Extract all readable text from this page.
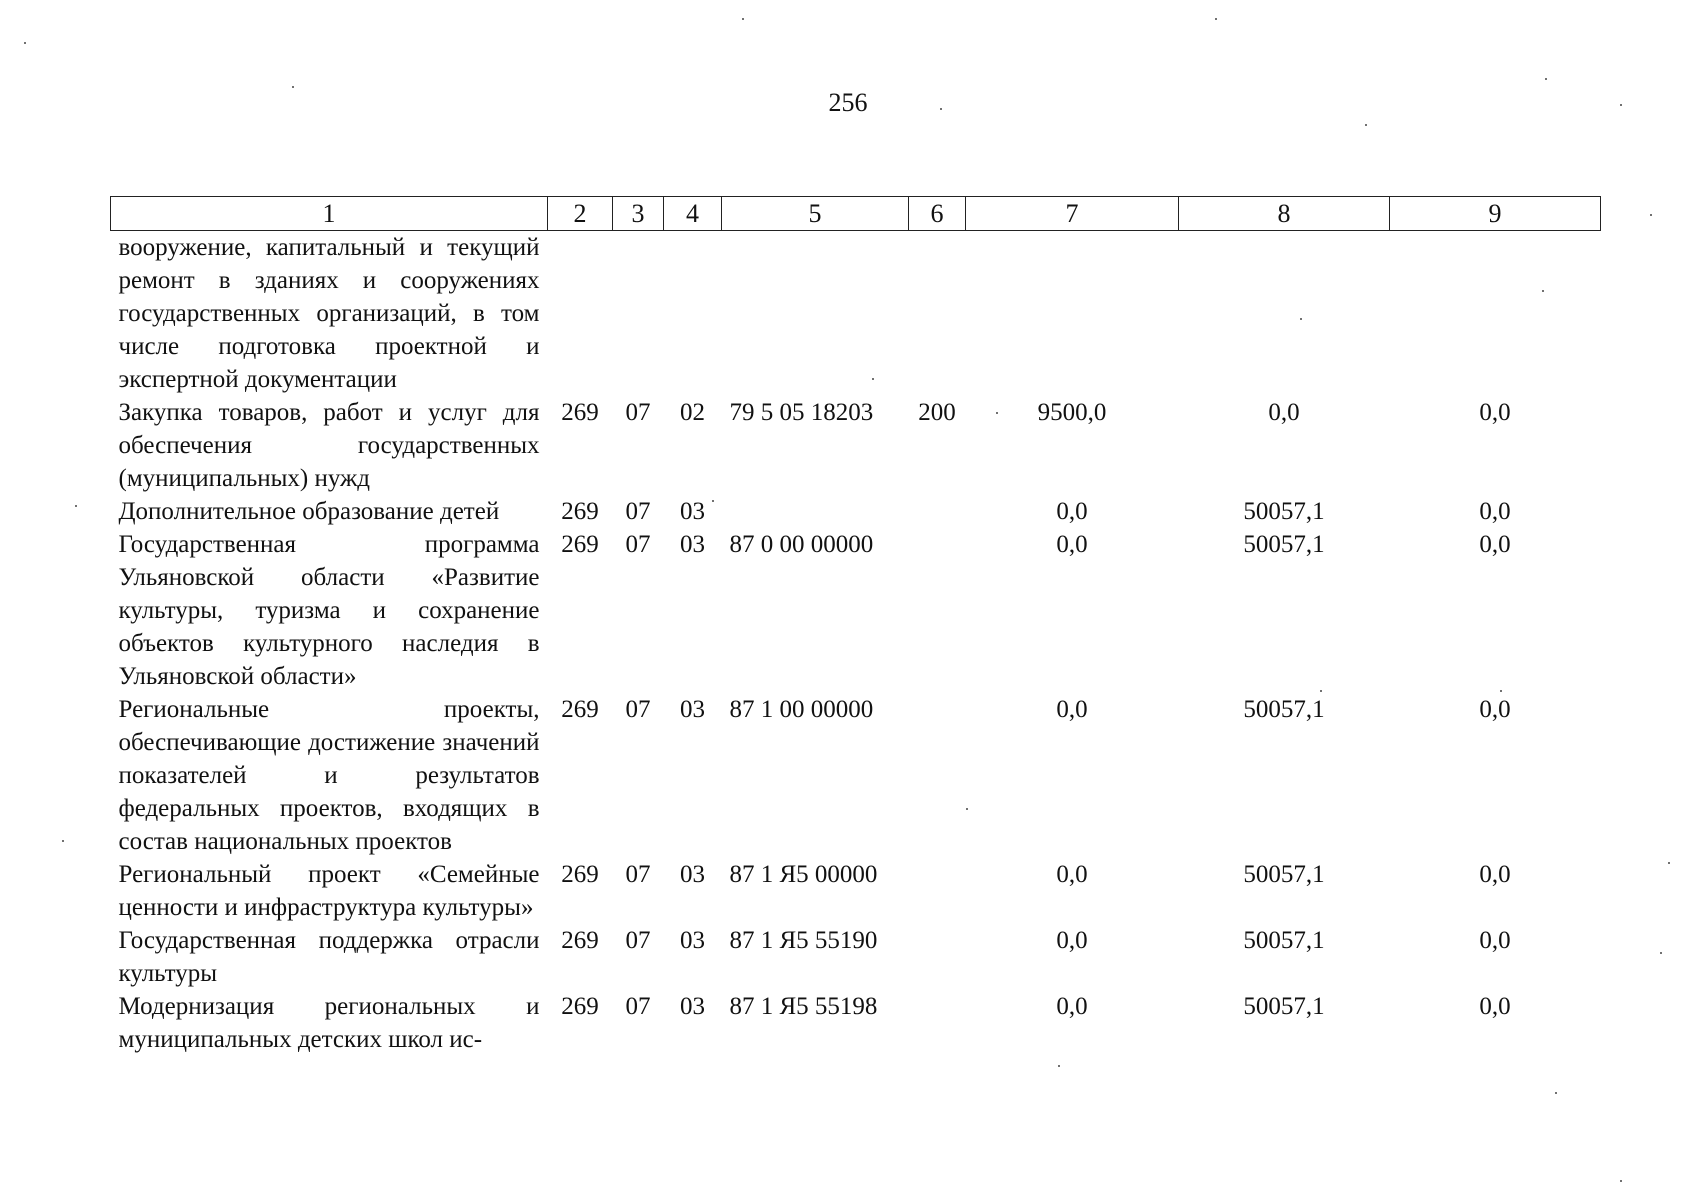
256
1	2	3	4	5	6	7	8	9
вооружение, капитальный и текущий ремонт в зданиях и сооружениях государственных организаций, в том числе подготовка проектной и экспертной документации								
Закупка товаров, работ и услуг для обеспечения государственных (муниципальных) нужд	269	07	02	79 5 05 18203	200	9500,0	0,0	0,0
Дополнительное образование детей	269	07	03			0,0	50057,1	0,0
Государственная программа Ульяновской области «Развитие культуры, туризма и сохранение объектов культурного наследия в Ульяновской области»	269	07	03	87 0 00 00000		0,0	50057,1	0,0
Региональные проекты, обеспечивающие достижение значений показателей и результатов федеральных проектов, входящих в состав национальных проектов	269	07	03	87 1 00 00000		0,0	50057,1	0,0
Региональный проект «Семейные ценности и инфраструктура культуры»	269	07	03	87 1 Я5 00000		0,0	50057,1	0,0
Государственная поддержка отрасли культуры	269	07	03	87 1 Я5 55190		0,0	50057,1	0,0
Модернизация региональных и муниципальных детских школ ис-	269	07	03	87 1 Я5 55198		0,0	50057,1	0,0
